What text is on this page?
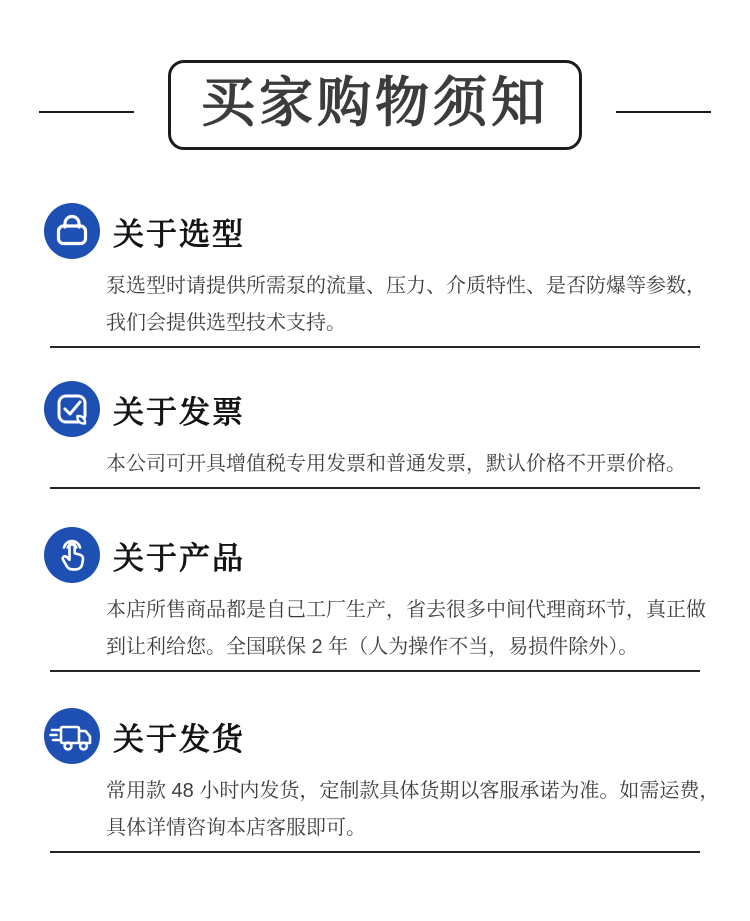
买家购物须知
关于选型
泵选型时请提供所需泵的流量、压力、介质特性、是否防爆等参数，
我们会提供选型技术支持。
关于发票
本公司可开具增值税专用发票和普通发票，默认价格不开票价格。
关于产品
本店所售商品都是自己工厂生产，省去很多中间代理商环节，真正做
到让利给您。全国联保 2 年（人为操作不当，易损件除外）。
关于发货
常用款 48 小时内发货，定制款具体货期以客服承诺为准。如需运费，
具体详情咨询本店客服即可。
